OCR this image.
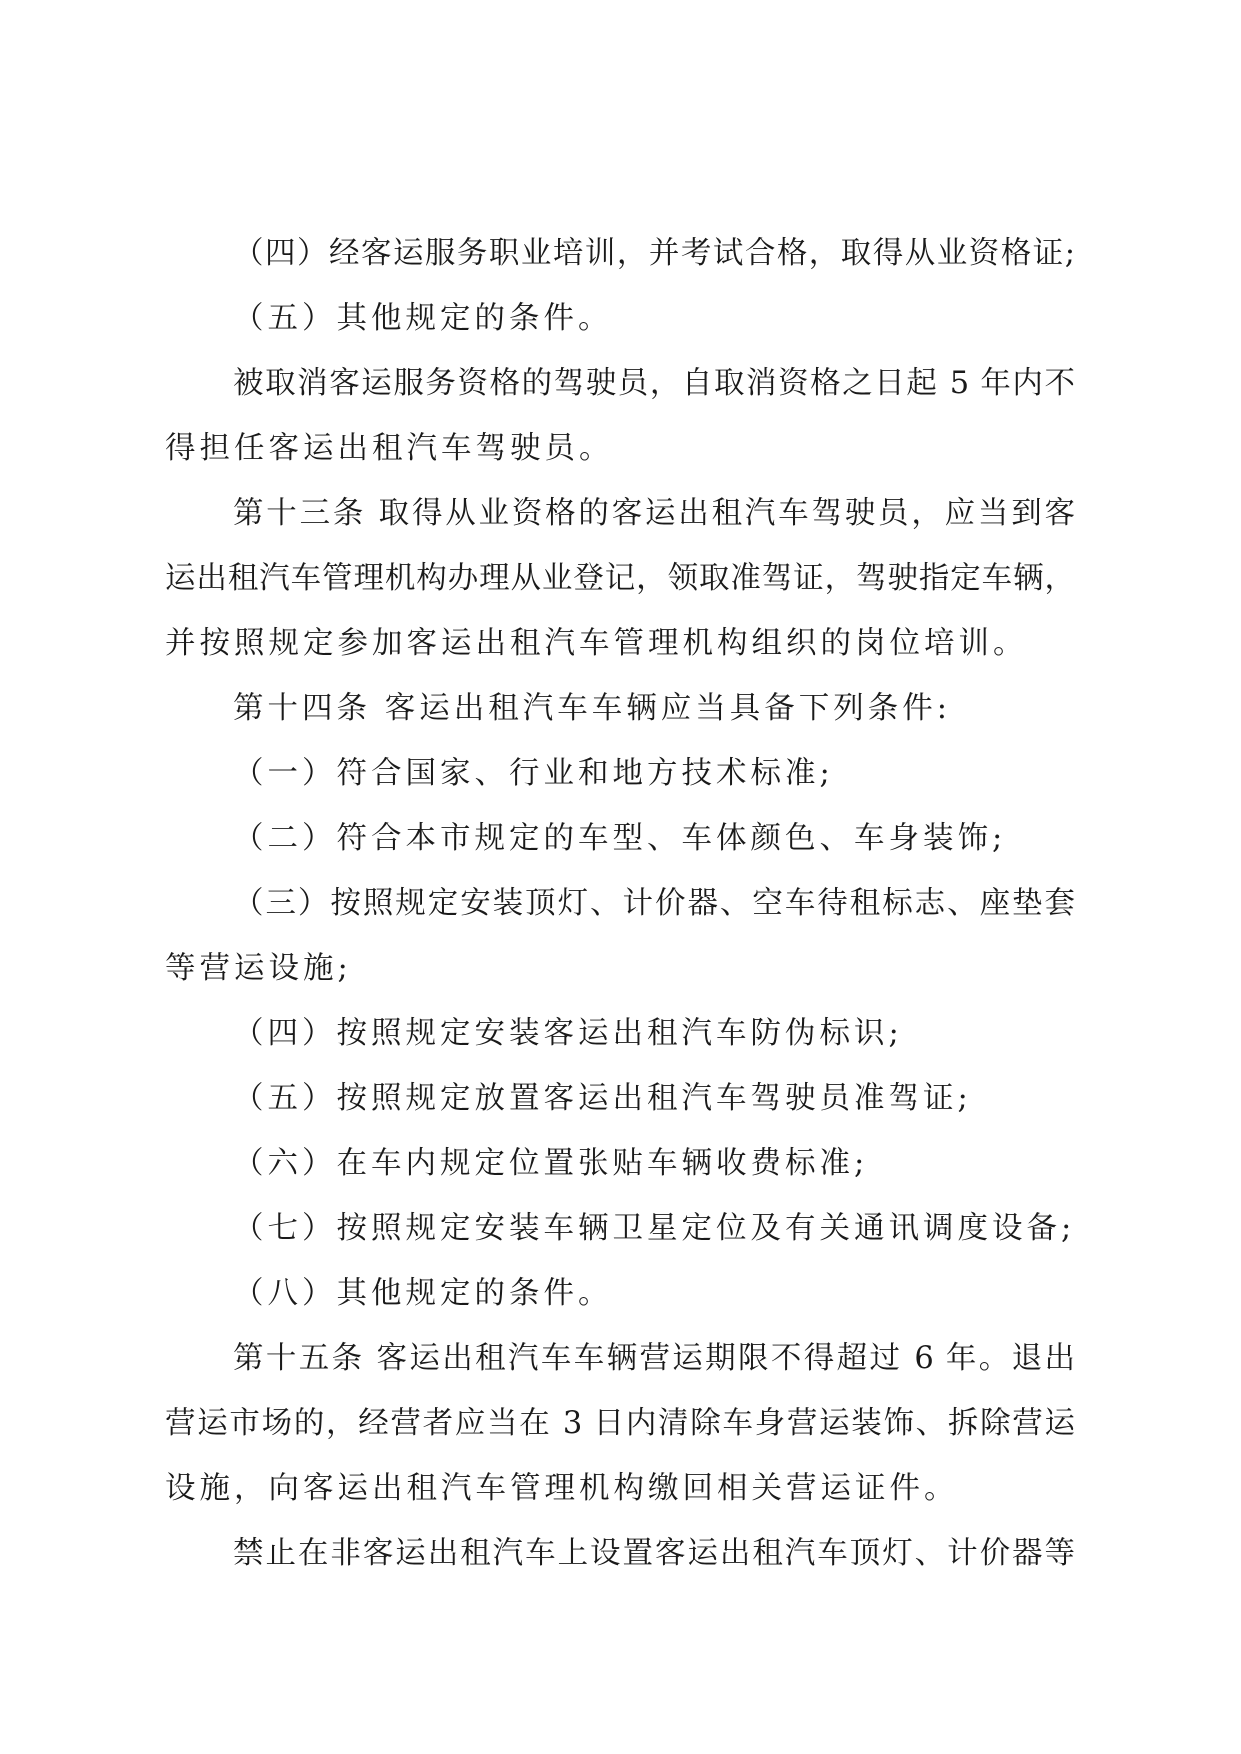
（四）经客运服务职业培训，并考试合格，取得从业资格证;
（五）其他规定的条件。
被取消客运服务资格的驾驶员，自取消资格之日起 5 年内不
得担任客运出租汽车驾驶员。
第十三条 取得从业资格的客运出租汽车驾驶员，应当到客
运出租汽车管理机构办理从业登记，领取准驾证，驾驶指定车辆，
并按照规定参加客运出租汽车管理机构组织的岗位培训。
第十四条 客运出租汽车车辆应当具备下列条件:
（一）符合国家、行业和地方技术标准;
（二）符合本市规定的车型、车体颜色、车身装饰;
（三）按照规定安装顶灯、计价器、空车待租标志、座垫套
等营运设施;
（四）按照规定安装客运出租汽车防伪标识;
（五）按照规定放置客运出租汽车驾驶员准驾证;
（六）在车内规定位置张贴车辆收费标准;
（七）按照规定安装车辆卫星定位及有关通讯调度设备;
（八）其他规定的条件。
第十五条 客运出租汽车车辆营运期限不得超过 6 年。退出
营运市场的，经营者应当在 3 日内清除车身营运装饰、拆除营运
设施，向客运出租汽车管理机构缴回相关营运证件。
禁止在非客运出租汽车上设置客运出租汽车顶灯、计价器等
